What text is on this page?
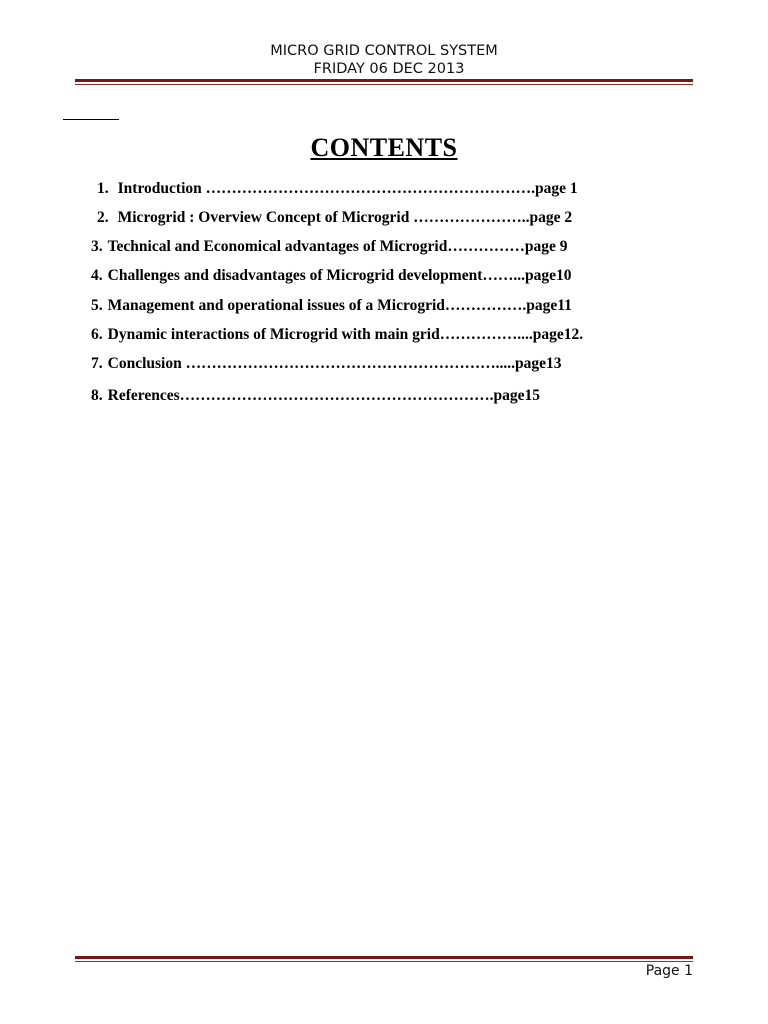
MICRO GRID CONTROL SYSTEM
FRIDAY 06 DEC 2013
CONTENTS
1. Introduction ……………………………………………………….page 1
2. Microgrid : Overview Concept of Microgrid …………………..page 2
3. Technical and Economical advantages of Microgrid……………page 9
4. Challenges and disadvantages of Microgrid development……...page10
5. Management and operational issues of a Microgrid…………….page11
6. Dynamic interactions of Microgrid with main grid……………....page12.
7. Conclusion …………………………………………………….....page13
8. References…………………………………………………….page15
Page 1
